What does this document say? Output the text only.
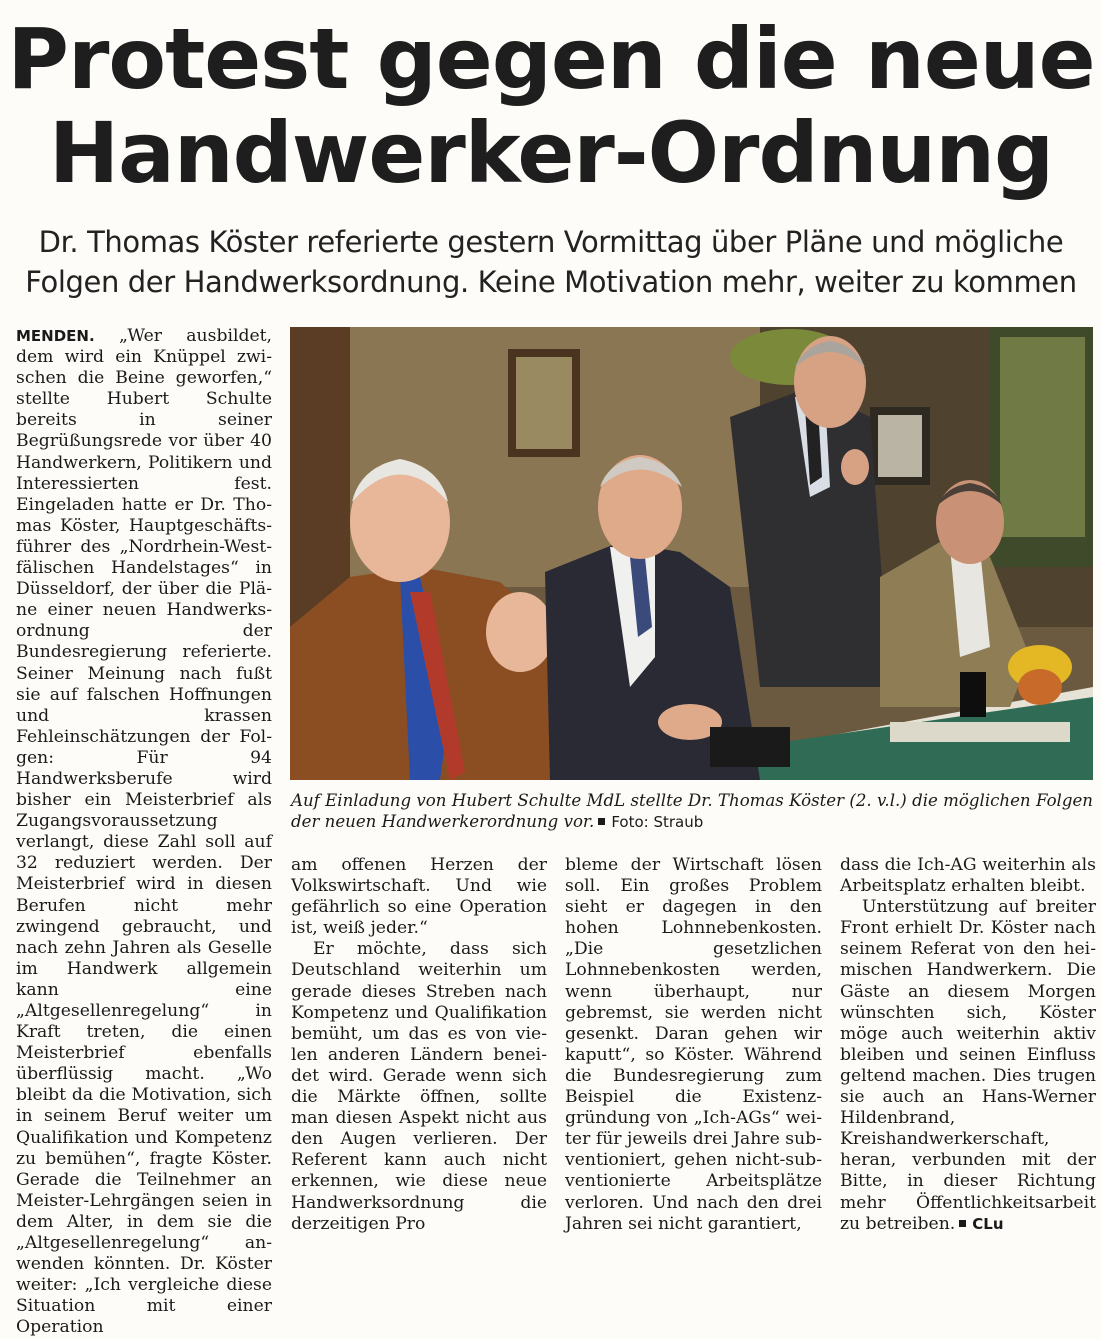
Protest gegen die neue
Handwerker-Ordnung
Dr. Thomas Köster referierte gestern Vormittag über Pläne und mögliche
Folgen der Handwerksordnung. Keine Motivation mehr, weiter zu kommen

MENDEN. „Wer ausbildet, dem wird ein Knüppel zwischen die Beine geworfen,“ stellte Hubert Schulte bereits in seiner Begrüßungsrede vor über 40 Handwerkern, Politikern und Interessierten fest. Eingeladen hatte er Dr. Thomas Köster, Hauptgeschäftsführer des „Nordrhein-Westfälischen Handelstages“ in Düsseldorf, der über die Pläne einer neuen Handwerksordnung der Bundesregierung referierte. Seiner Meinung nach fußt sie auf falschen Hoffnungen und krassen Fehleinschätzungen der Folgen: Für 94 Handwerksberufe wird bisher ein Meisterbrief als Zugangsvoraussetzung verlangt, diese Zahl soll auf 32 reduziert werden. Der Meisterbrief wird in diesen Berufen nicht mehr zwingend gebraucht, und nach zehn Jahren als Geselle im Handwerk allgemein kann eine „Altgesellenregelung“ in Kraft treten, die einen Meisterbrief ebenfalls überflüssig macht. „Wo bleibt da die Motivation, sich in seinem Beruf weiter um Qualifikation und Kompetenz zu bemühen“, fragte Köster. Gerade die Teilnehmer an Meister-Lehrgängen seien in dem Alter, in dem sie die „Altgesellenregelung“ anwenden könnten. Dr. Köster weiter: „Ich vergleiche diese Situation mit einer Operation

Auf Einladung von Hubert Schulte MdL stellte Dr. Thomas Köster (2. v.l.) die möglichen Folgen der neuen Handwerkerordnung vor. Foto: Straub

am offenen Herzen der Volkswirtschaft. Und wie gefährlich so eine Operation ist, weiß jeder.“

Er möchte, dass sich Deutschland weiterhin um gerade dieses Streben nach Kompetenz und Qualifikation bemüht, um das es von vielen anderen Ländern beneidet wird. Gerade wenn sich die Märkte öffnen, sollte man diesen Aspekt nicht aus den Augen verlieren. Der Referent kann auch nicht erkennen, wie diese neue Handwerksordnung die derzeitigen Pro

bleme der Wirtschaft lösen soll. Ein großes Problem sieht er dagegen in den hohen Lohnnebenkosten. „Die gesetzlichen Lohnnebenkosten werden, wenn überhaupt, nur gebremst, sie werden nicht gesenkt. Daran gehen wir kaputt“, so Köster. Während die Bundesregierung zum Beispiel die Existenzgründung von „Ich-AGs“ weiter für jeweils drei Jahre subventioniert, gehen nicht-subventionierte Arbeitsplätze verloren. Und nach den drei Jahren sei nicht garantiert,

dass die Ich-AG weiterhin als Arbeitsplatz erhalten bleibt.

Unterstützung auf breiter Front erhielt Dr. Köster nach seinem Referat von den heimischen Handwerkern. Die Gäste an diesem Morgen wünschten sich, Köster möge auch weiterhin aktiv bleiben und seinen Einfluss geltend machen. Dies trugen sie auch an Hans-Werner Hildenbrand, Kreishandwerkerschaft, heran, verbunden mit der Bitte, in dieser Richtung mehr Öffentlichkeitsarbeit zu betreiben. CLu
